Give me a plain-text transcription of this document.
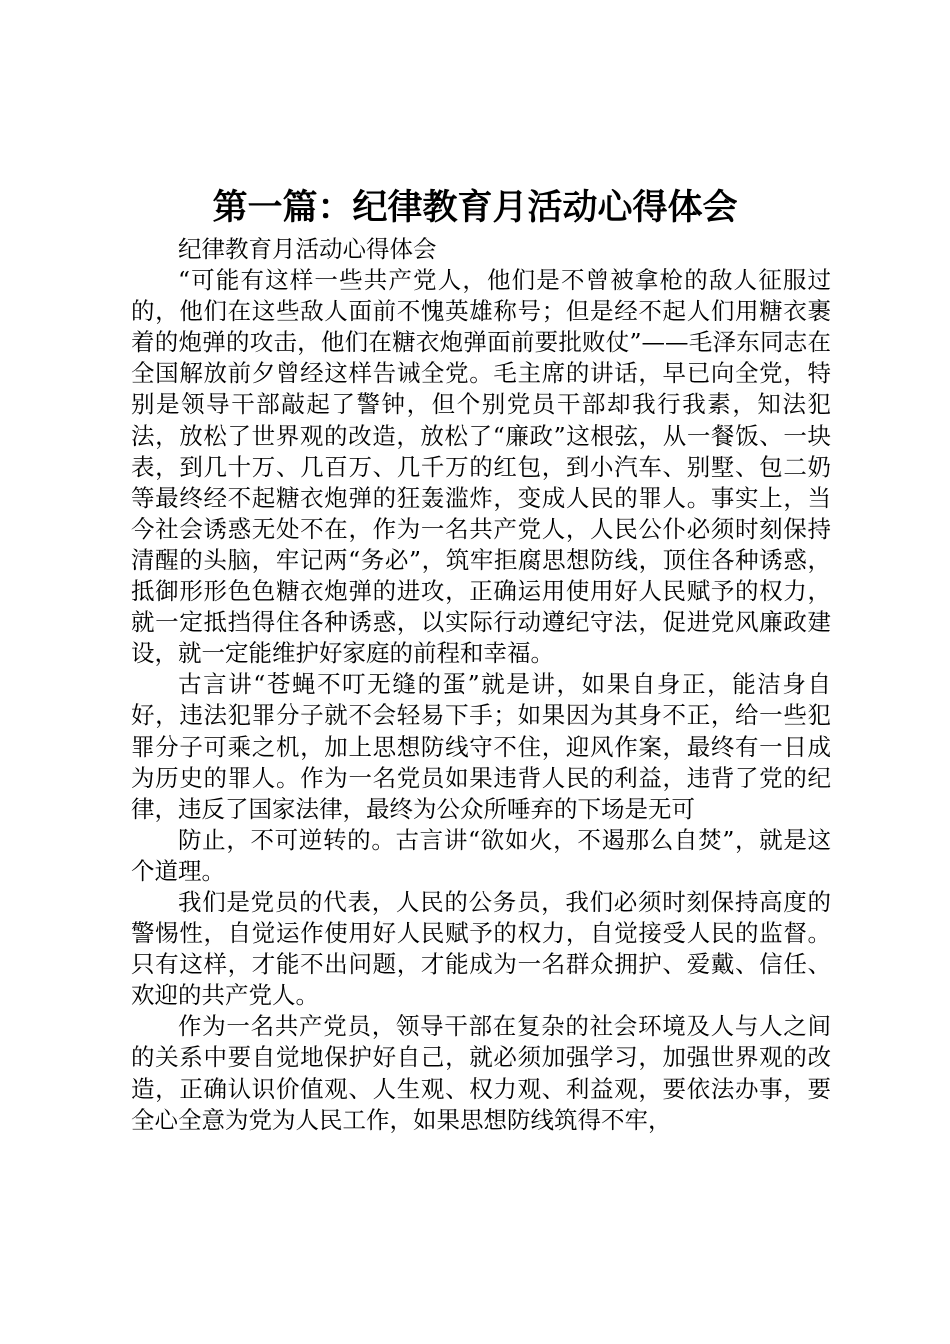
第一篇：纪律教育月活动心得体会

纪律教育月活动心得体会

“可能有这样一些共产党人，他们是不曾被拿枪的敌人征服过的，他们在这些敌人面前不愧英雄称号；但是经不起人们用糖衣裹着的炮弹的攻击，他们在糖衣炮弹面前要批败仗”——毛泽东同志在全国解放前夕曾经这样告诫全党。毛主席的讲话，早已向全党，特别是领导干部敲起了警钟，但个别党员干部却我行我素，知法犯法，放松了世界观的改造，放松了“廉政”这根弦，从一餐饭、一块表，到几十万、几百万、几千万的红包，到小汽车、别墅、包二奶等最终经不起糖衣炮弹的狂轰滥炸，变成人民的罪人。事实上，当今社会诱惑无处不在，作为一名共产党人，人民公仆必须时刻保持清醒的头脑，牢记两“务必”，筑牢拒腐思想防线，顶住各种诱惑，抵御形形色色糖衣炮弹的进攻，正确运用使用好人民赋予的权力，就一定抵挡得住各种诱惑，以实际行动遵纪守法，促进党风廉政建设，就一定能维护好家庭的前程和幸福。

古言讲“苍蝇不叮无缝的蛋”就是讲，如果自身正，能洁身自好，违法犯罪分子就不会轻易下手；如果因为其身不正，给一些犯罪分子可乘之机，加上思想防线守不住，迎风作案，最终有一日成为历史的罪人。作为一名党员如果违背人民的利益，违背了党的纪律，违反了国家法律，最终为公众所唾弃的下场是无可

防止，不可逆转的。古言讲“欲如火，不遏那么自焚”，就是这个道理。

我们是党员的代表，人民的公务员，我们必须时刻保持高度的警惕性，自觉运作使用好人民赋予的权力，自觉接受人民的监督。只有这样，才能不出问题，才能成为一名群众拥护、爱戴、信任、欢迎的共产党人。

作为一名共产党员，领导干部在复杂的社会环境及人与人之间的关系中要自觉地保护好自己，就必须加强学习，加强世界观的改造，正确认识价值观、人生观、权力观、利益观，要依法办事，要全心全意为党为人民工作，如果思想防线筑得不牢，
